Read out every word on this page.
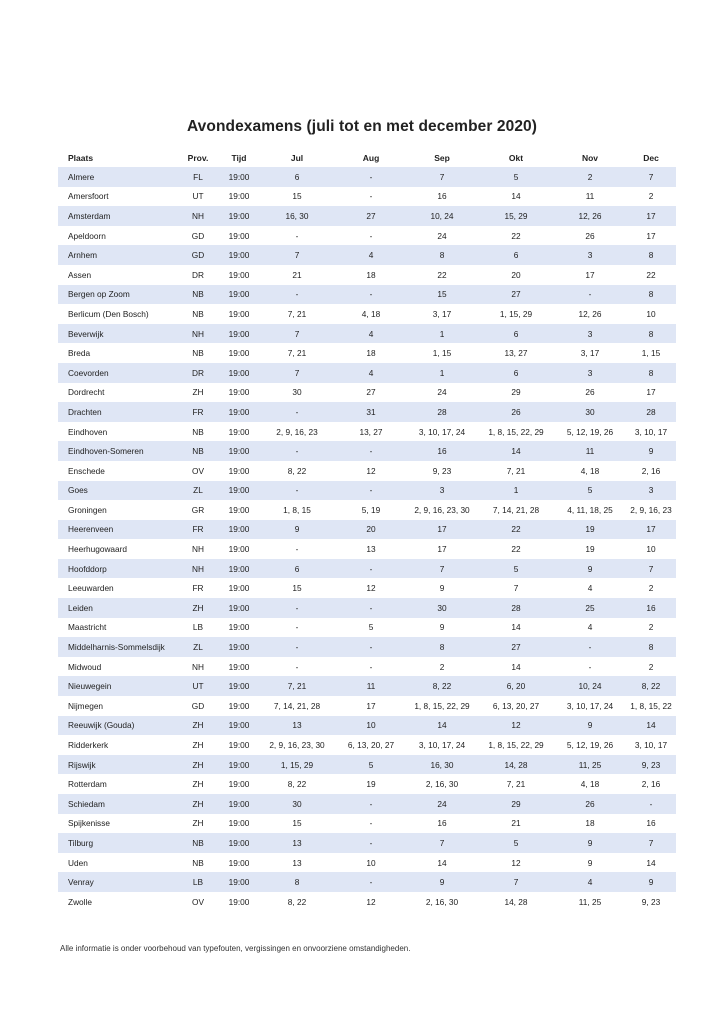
Avondexamens (juli tot en met december 2020)
Plaats	Prov.	Tijd	Jul	Aug	Sep	Okt	Nov	Dec
Almere	FL	19:00	6	-	7	5	2	7
Amersfoort	UT	19:00	15	-	16	14	11	2
Amsterdam	NH	19:00	16, 30	27	10, 24	15, 29	12, 26	17
Apeldoorn	GD	19:00	-	-	24	22	26	17
Arnhem	GD	19:00	7	4	8	6	3	8
Assen	DR	19:00	21	18	22	20	17	22
Bergen op Zoom	NB	19:00	-	-	15	27	-	8
Berlicum (Den Bosch)	NB	19:00	7, 21	4, 18	3, 17	1, 15, 29	12, 26	10
Beverwijk	NH	19:00	7	4	1	6	3	8
Breda	NB	19:00	7, 21	18	1, 15	13, 27	3, 17	1, 15
Coevorden	DR	19:00	7	4	1	6	3	8
Dordrecht	ZH	19:00	30	27	24	29	26	17
Drachten	FR	19:00	-	31	28	26	30	28
Eindhoven	NB	19:00	2, 9, 16, 23	13, 27	3, 10, 17, 24	1, 8, 15, 22, 29	5, 12, 19, 26	3, 10, 17
Eindhoven-Someren	NB	19:00	-	-	16	14	11	9
Enschede	OV	19:00	8, 22	12	9, 23	7, 21	4, 18	2, 16
Goes	ZL	19:00	-	-	3	1	5	3
Groningen	GR	19:00	1, 8, 15	5, 19	2, 9, 16, 23, 30	7, 14, 21, 28	4, 11, 18, 25	2, 9, 16, 23
Heerenveen	FR	19:00	9	20	17	22	19	17
Heerhugowaard	NH	19:00	-	13	17	22	19	10
Hoofddorp	NH	19:00	6	-	7	5	9	7
Leeuwarden	FR	19:00	15	12	9	7	4	2
Leiden	ZH	19:00	-	-	30	28	25	16
Maastricht	LB	19:00	-	5	9	14	4	2
Middelharnis-Sommelsdijk	ZL	19:00	-	-	8	27	-	8
Midwoud	NH	19:00	-	-	2	14	-	2
Nieuwegein	UT	19:00	7, 21	11	8, 22	6, 20	10, 24	8, 22
Nijmegen	GD	19:00	7, 14, 21, 28	17	1, 8, 15, 22, 29	6, 13, 20, 27	3, 10, 17, 24	1, 8, 15, 22
Reeuwijk (Gouda)	ZH	19:00	13	10	14	12	9	14
Ridderkerk	ZH	19:00	2, 9, 16, 23, 30	6, 13, 20, 27	3, 10, 17, 24	1, 8, 15, 22, 29	5, 12, 19, 26	3, 10, 17
Rijswijk	ZH	19:00	1, 15, 29	5	16, 30	14, 28	11, 25	9, 23
Rotterdam	ZH	19:00	8, 22	19	2, 16, 30	7, 21	4, 18	2, 16
Schiedam	ZH	19:00	30	-	24	29	26	-
Spijkenisse	ZH	19:00	15	-	16	21	18	16
Tilburg	NB	19:00	13	-	7	5	9	7
Uden	NB	19:00	13	10	14	12	9	14
Venray	LB	19:00	8	-	9	7	4	9
Zwolle	OV	19:00	8, 22	12	2, 16, 30	14, 28	11, 25	9, 23
Alle informatie is onder voorbehoud van typefouten, vergissingen en onvoorziene omstandigheden.
